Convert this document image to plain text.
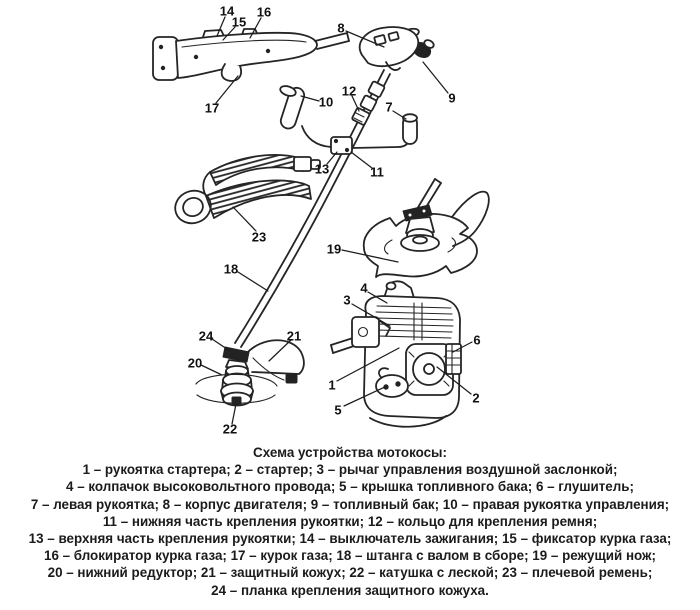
1
2
3
4
5
6
7
8
9
10
11
12
13
14
15
16
17
18
19
20
21
22
23
24
Схема устройства мотокосы:
1 – рукоятка стартера; 2 – стартер; 3 – рычаг управления воздушной заслонкой;
4 – колпачок высоковольтного провода; 5 – крышка топливного бака; 6 – глушитель;
7 – левая рукоятка; 8 – корпус двигателя; 9 – топливный бак; 10 – правая рукоятка управления;
11 – нижняя часть крепления рукоятки; 12 – кольцо для крепления ремня;
13 – верхняя часть крепления рукоятки; 14 – выключатель зажигания; 15 – фиксатор курка газа;
16 – блокиратор курка газа; 17 – курок газа; 18 – штанга с валом в сборе; 19 – режущий нож;
20 – нижний редуктор; 21 – защитный кожух; 22 – катушка с леской; 23 – плечевой ремень;
24 – планка крепления защитного кожуха.
